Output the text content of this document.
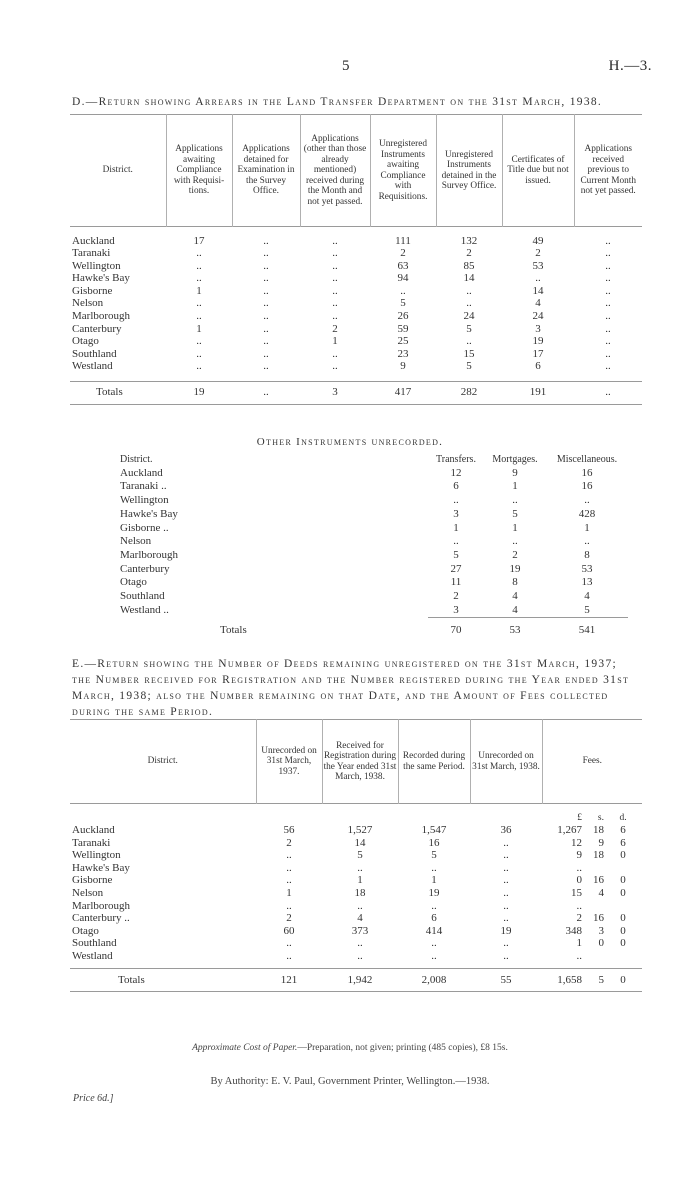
5	H.—3.
D.—Return showing Arrears in the Land Transfer Department on the 31st March, 1938.
District.	Applications awaiting Compliance with Requisi-tions.	Applications detained for Examination in the Survey Office.	Applications (other than those already mentioned) received during the Month and not yet passed.	Unregistered Instruments awaiting Compliance with Requisitions.	Unregistered Instruments detained in the Survey Office.	Certificates of Title due but not issued.	Applications received previous to Current Month not yet passed.

Auckland	17	..	..	111	132	49	..
Taranaki	..	..	..	2	2	2	..
Wellington	..	..	..	63	85	53	..
Hawke's Bay	..	..	..	94	14	..	..
Gisborne	1	..	..	..	..	14	..
Nelson	..	..	..	5	..	4	..
Marlborough	..	..	..	26	24	24	..
Canterbury	1	..	2	59	5	3	..
Otago	..	..	1	25	..	19	..
Southland	..	..	..	23	15	17	..
Westland	..	..	..	9	5	6	..

Totals	19	..	3	417	282	191	..
Other Instruments unrecorded.
District.	Transfers.	Mortgages.	Miscellaneous.
Auckland	12	9	16
Taranaki ..	6	1	16
Wellington	..	..	..
Hawke's Bay	3	5	428
Gisborne ..	1	1	1
Nelson	..	..	..
Marlborough	5	2	8
Canterbury	27	19	53
Otago	11	8	13
Southland	2	4	4
Westland ..	3	4	5
Totals	70	53	541
E.—Return showing the Number of Deeds remaining unregistered on the 31st March, 1937; the Number received for Registration and the Number registered during the Year ended 31st March, 1938; also the Number remaining on that Date, and the Amount of Fees collected during the same Period.
District.	Unrecorded on 31st March, 1937.	Received for Registration during the Year ended 31st March, 1938.	Recorded during the same Period.	Unrecorded on 31st March, 1938.	Fees.		

					£	s.	d.
Auckland	56	1,527	1,547	36	1,267	18	6
Taranaki	2	14	16	..	12	9	6
Wellington	..	5	5	..	9	18	0
Hawke's Bay	..	..	..	..	..		
Gisborne	..	1	1	..	0	16	0
Nelson	1	18	19	..	15	4	0
Marlborough	..	..	..	..	..		
Canterbury ..	2	4	6	..	2	16	0
Otago	60	373	414	19	348	3	0
Southland	..	..	..	..	1	0	0
Westland	..	..	..	..	..		

Totals	121	1,942	2,008	55	1,658	5	0
Approximate Cost of Paper.—Preparation, not given; printing (485 copies), £8 15s.
By Authority: E. V. Paul, Government Printer, Wellington.—1938.
Price 6d.]
